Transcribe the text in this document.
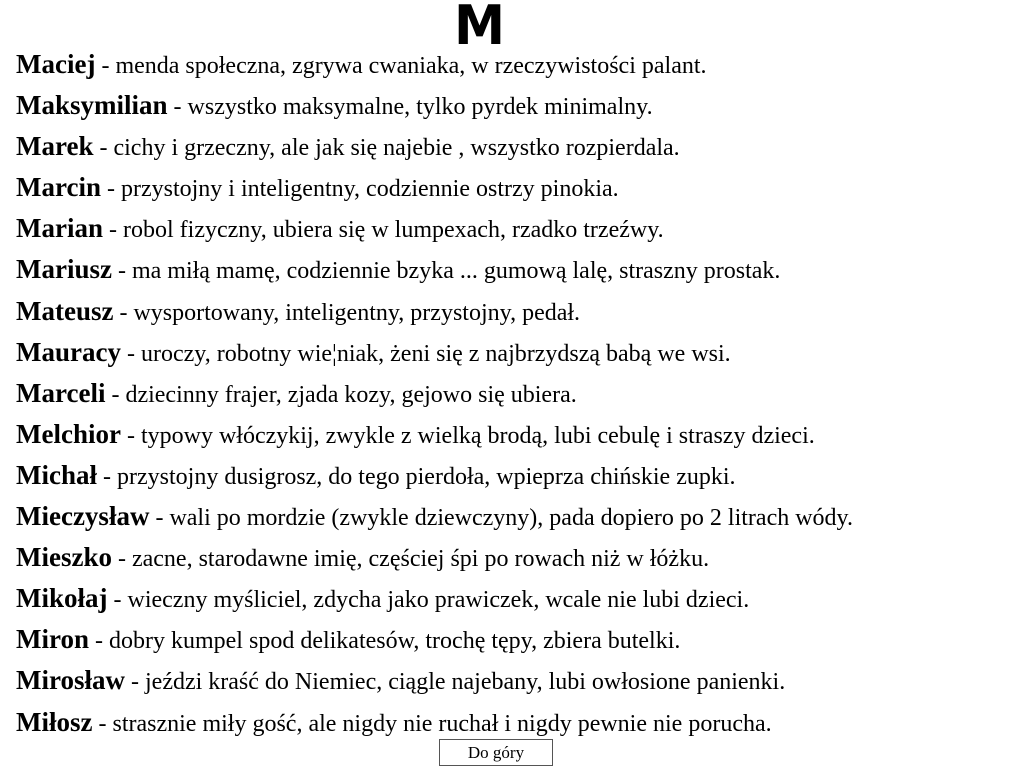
M
Maciej - menda społeczna, zgrywa cwaniaka, w rzeczywistości palant.
Maksymilian - wszystko maksymalne, tylko pyrdek minimalny.
Marek - cichy i grzeczny, ale jak się najebie , wszystko rozpierdala.
Marcin - przystojny i inteligentny, codziennie ostrzy pinokia.
Marian - robol fizyczny, ubiera się w lumpexach, rzadko trzeźwy.
Mariusz - ma miłą mamę, codziennie bzyka ... gumową lalę, straszny prostak.
Mateusz - wysportowany, inteligentny, przystojny, pedał.
Mauracy - uroczy, robotny wie¦niak, żeni się z najbrzydszą babą we wsi.
Marceli - dziecinny frajer, zjada kozy, gejowo się ubiera.
Melchior - typowy włóczykij, zwykle z wielką brodą, lubi cebulę i straszy dzieci.
Michał - przystojny dusigrosz, do tego pierdoła, wpieprza chińskie zupki.
Mieczysław - wali po mordzie (zwykle dziewczyny), pada dopiero po 2 litrach wódy.
Mieszko - zacne, starodawne imię, częściej śpi po rowach niż w łóżku.
Mikołaj - wieczny myśliciel, zdycha jako prawiczek, wcale nie lubi dzieci.
Miron - dobry kumpel spod delikatesów, trochę tępy, zbiera butelki.
Mirosław - jeździ kraść do Niemiec, ciągle najebany, lubi owłosione panienki.
Miłosz - strasznie miły gość, ale nigdy nie ruchał i nigdy pewnie nie porucha.
Do góry
